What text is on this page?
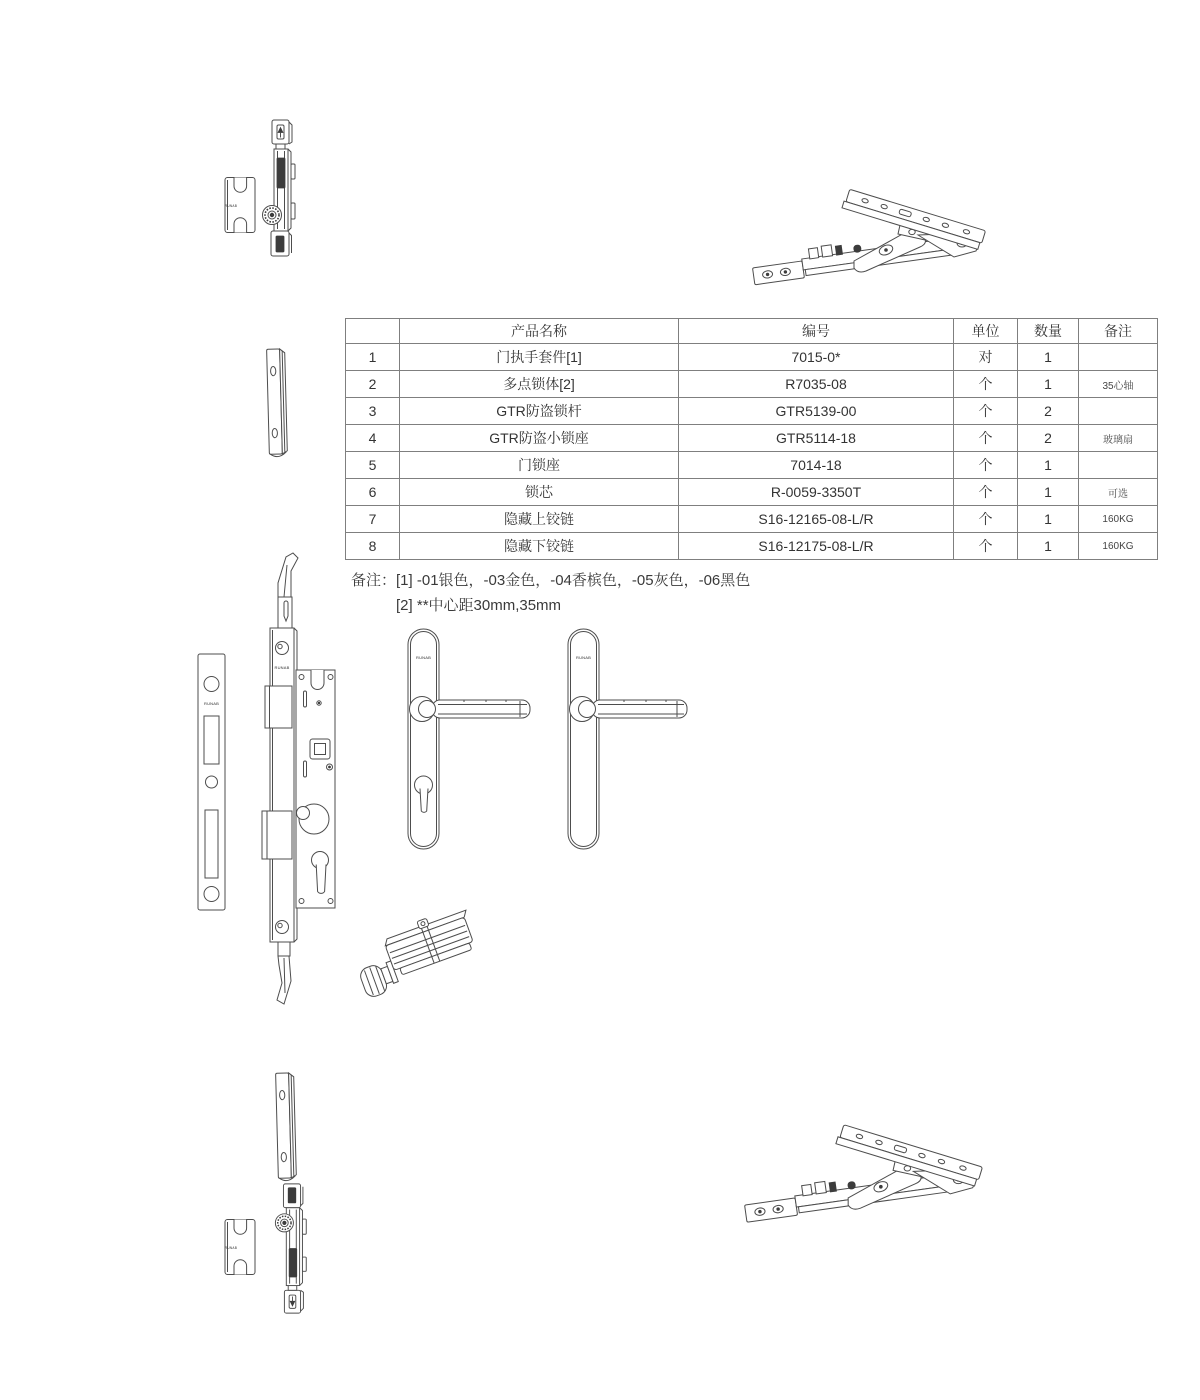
RUNAB
	产品名称	编号	单位	数量	备注
1	门执手套件[1]	7015-0*	对	1	
2	多点锁体[2]	R7035-08	个	1	35心轴
3	GTR防盗锁杆	GTR5139-00	个	2	
4	GTR防盗小锁座	GTR5114-18	个	2	玻璃扇
5	门锁座	7014-18	个	1	
6	锁芯	R-0059-3350T	个	1	可选
7	隐藏上铰链	S16-12165-08-L/R	个	1	160KG
8	隐藏下铰链	S16-12175-08-L/R	个	1	160KG
备注： [1] -01银色，-03金色，-04香槟色，-05灰色，-06黑色
[2] **中心距30mm,35mm
RUNAB
RUNAB
RUNAB	RUNAB
RUNAB
